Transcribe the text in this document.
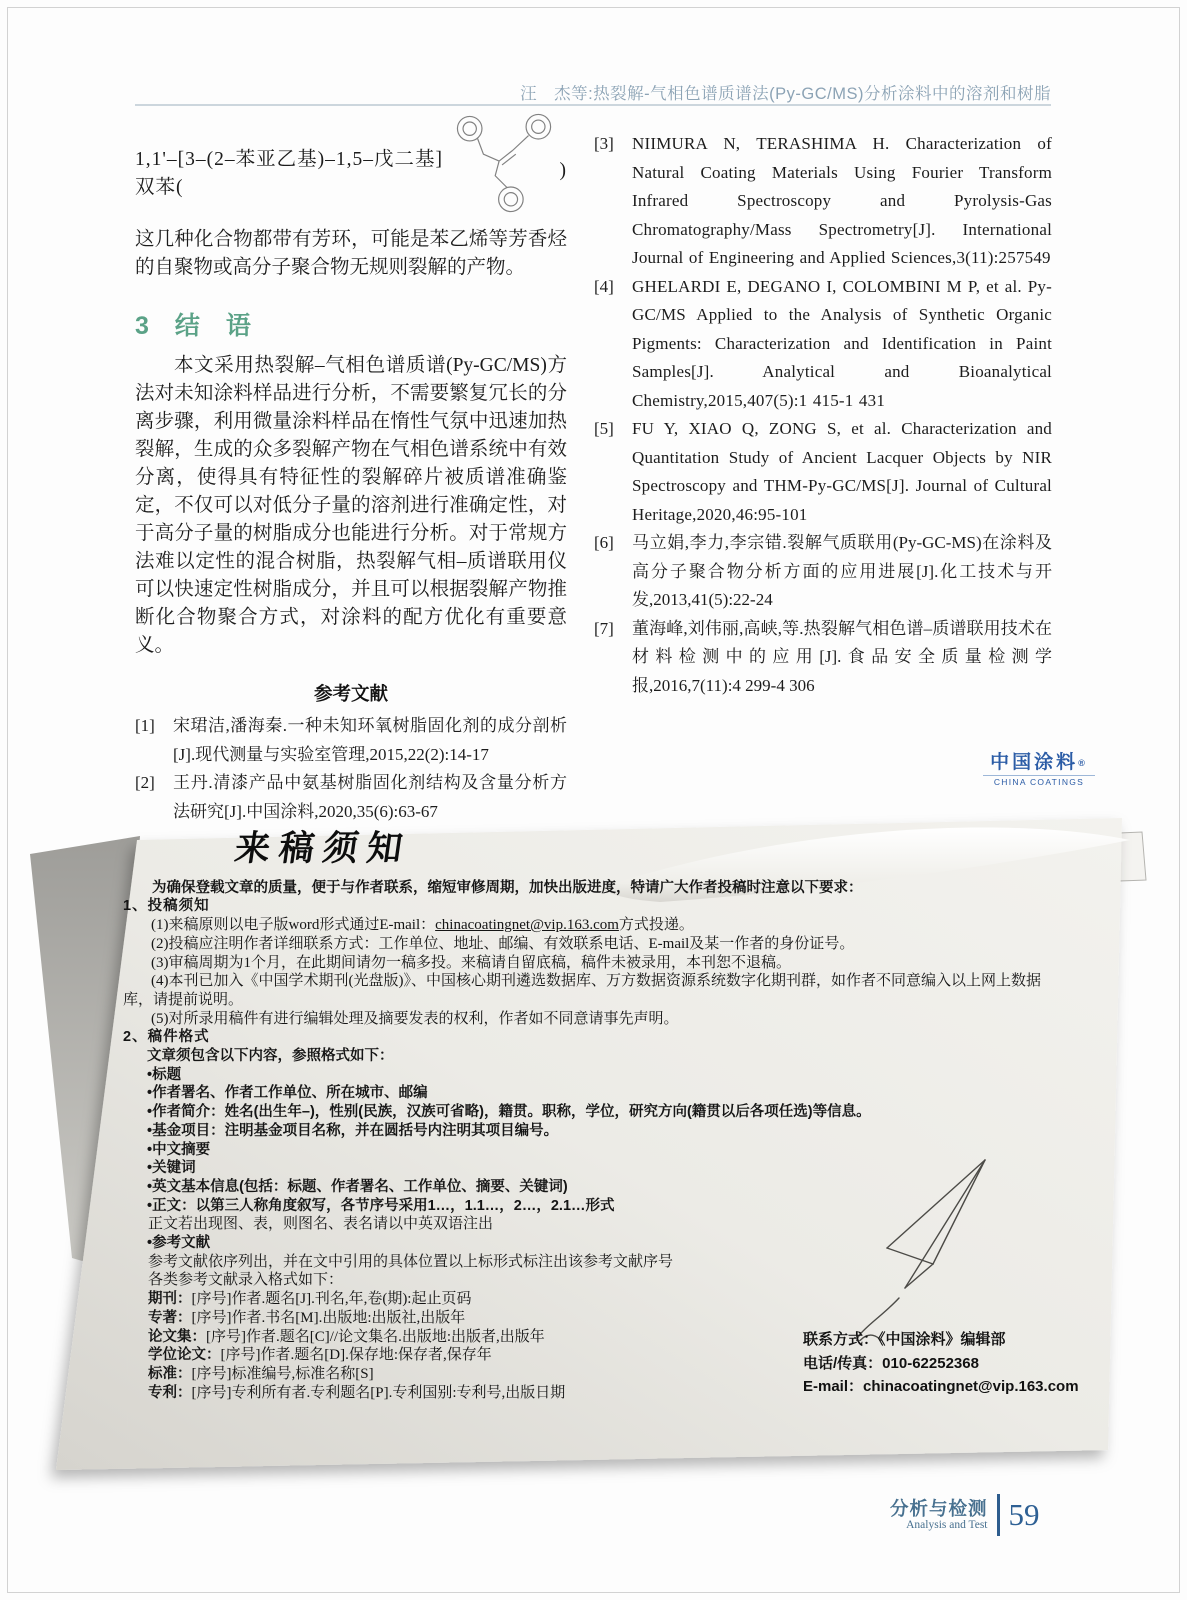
汪　杰等:热裂解-气相色谱质谱法(Py-GC/MS)分析涂料中的溶剂和树脂
1,1'–[3–(2–苯亚乙基)–1,5–戊二基]双苯(
)

这几种化合物都带有芳环，可能是苯乙烯等芳香烃的自聚物或高分子聚合物无规则裂解的产物。

3 结语

本文采用热裂解–气相色谱质谱(Py-GC/MS)方法对未知涂料样品进行分析，不需要繁复冗长的分离步骤，利用微量涂料样品在惰性气氛中迅速加热裂解，生成的众多裂解产物在气相色谱系统中有效分离，使得具有特征性的裂解碎片被质谱准确鉴定，不仅可以对低分子量的溶剂进行准确定性，对于高分子量的树脂成分也能进行分析。对于常规方法难以定性的混合树脂，热裂解气相–质谱联用仪可以快速定性树脂成分，并且可以根据裂解产物推断化合物聚合方式，对涂料的配方优化有重要意义。

参考文献
[1]	宋珺洁,潘海秦.一种未知环氧树脂固化剂的成分剖析[J].现代测量与实验室管理,2015,22(2):14-17
[2]	王丹.清漆产品中氨基树脂固化剂结构及含量分析方法研究[J].中国涂料,2020,35(6):63-67
[3]	NIIMURA N, TERASHIMA H. Characterization of Natural Coating Materials Using Fourier Transform Infrared Spectroscopy and Pyrolysis-Gas Chromatography/Mass Spectrometry[J]. International Journal of Engineering and Applied Sciences,3(11):257549
[4]	GHELARDI E, DEGANO I, COLOMBINI M P, et al. Py-GC/MS Applied to the Analysis of Synthetic Organic Pigments: Characterization and Identification in Paint Samples[J]. Analytical and Bioanalytical Chemistry,2015,407(5):1 415-1 431
[5]	FU Y, XIAO Q, ZONG S, et al. Characterization and Quantitation Study of Ancient Lacquer Objects by NIR Spectroscopy and THM-Py-GC/MS[J]. Journal of Cultural Heritage,2020,46:95-101
[6]	马立娟,李力,李宗错.裂解气质联用(Py-GC-MS)在涂料及高分子聚合物分析方面的应用进展[J].化工技术与开发,2013,41(5):22-24
[7]	董海峰,刘伟丽,高峡,等.热裂解气相色谱–质谱联用技术在材料检测中的应用[J].食品安全质量检测学报,2016,7(11):4 299-4 306
中国涂料®
CHINA COATINGS
来稿须知

为确保登载文章的质量，便于与作者联系，缩短审修周期，加快出版进度，特请广大作者投稿时注意以下要求：

1、投稿须知
(1)来稿原则以电子版word形式通过E-mail：chinacoatingnet@vip.163.com方式投递。
(2)投稿应注明作者详细联系方式：工作单位、地址、邮编、有效联系电话、E-mail及某一作者的身份证号。
(3)审稿周期为1个月，在此期间请勿一稿多投。来稿请自留底稿，稿件未被录用，本刊恕不退稿。
(4)本刊已加入《中国学术期刊(光盘版)》、中国核心期刊遴选数据库、万方数据资源系统数字化期刊群，如作者不同意编入以上网上数据库，请提前说明。
(5)对所录用稿件有进行编辑处理及摘要发表的权利，作者如不同意请事先声明。
2、稿件格式
文章须包含以下内容，参照格式如下：
•标题
•作者署名、作者工作单位、所在城市、邮编
•作者简介：姓名(出生年–)，性别(民族，汉族可省略)，籍贯。职称，学位，研究方向(籍贯以后各项任选)等信息。
•基金项目：注明基金项目名称，并在圆括号内注明其项目编号。
•中文摘要
•关键词
•英文基本信息(包括：标题、作者署名、工作单位、摘要、关键词)
•正文：以第三人称角度叙写，各节序号采用1…，1.1…，2…，2.1…形式
正文若出现图、表，则图名、表名请以中英双语注出
•参考文献
参考文献依序列出，并在文中引用的具体位置以上标形式标注出该参考文献序号
各类参考文献录入格式如下：
期刊：[序号]作者.题名[J].刊名,年,卷(期):起止页码
专著：[序号]作者.书名[M].出版地:出版社,出版年
论文集：[序号]作者.题名[C]//论文集名.出版地:出版者,出版年
学位论文：[序号]作者.题名[D].保存地:保存者,保存年
标准：[序号]标准编号,标准名称[S]
专利：[序号]专利所有者.专利题名[P].专利国别:专利号,出版日期
联系方式：《中国涂料》编辑部
电话/传真：010-62252368
E-mail：chinacoatingnet@vip.163.com
分析与检测
Analysis and Test 59
